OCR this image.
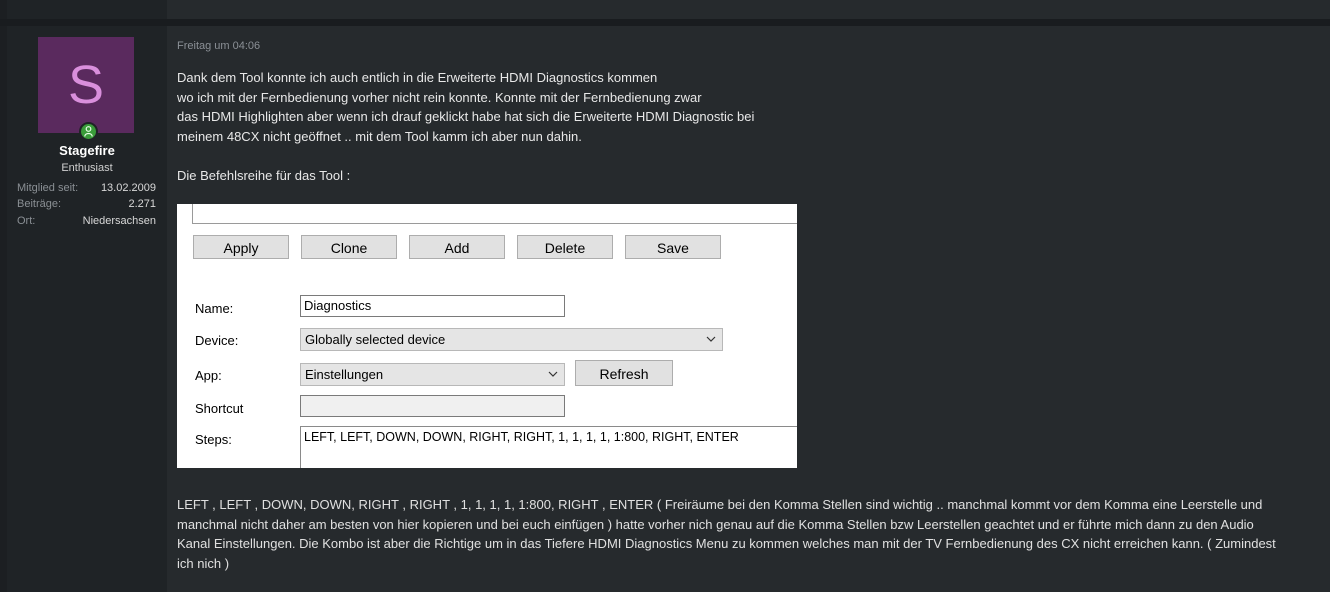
S
Stagefire
Enthusiast
Mitglied seit: 13.02.2009
Beiträge:	2.271
Ort:	Niedersachsen
Freitag um 04:06
Dank dem Tool konnte ich auch entlich in die Erweiterte HDMI Diagnostics kommen
wo ich mit der Fernbedienung vorher nicht rein konnte. Konnte mit der Fernbedienung zwar
das HDMI Highlighten aber wenn ich drauf geklickt habe hat sich die Erweiterte HDMI Diagnostic bei
meinem 48CX nicht geöffnet .. mit dem Tool kamm ich aber nun dahin.
Die Befehlsreihe für das Tool :
Apply	Clone	Add	Delete	Save
Name:	Diagnostics
Device:	Globally selected device
App:	Einstellungen	Refresh
Shortcut
Steps:	LEFT, LEFT, DOWN, DOWN, RIGHT, RIGHT, 1, 1, 1, 1, 1:800, RIGHT, ENTER
LEFT , LEFT , DOWN, DOWN, RIGHT , RIGHT , 1, 1, 1, 1, 1:800, RIGHT , ENTER ( Freiräume bei den Komma Stellen sind wichtig .. manchmal kommt vor dem Komma eine Leerstelle und manchmal nicht daher am besten von hier kopieren und bei euch einfügen ) hatte vorher nich genau auf die Komma Stellen bzw Leerstellen geachtet und er führte mich dann zu den Audio Kanal Einstellungen. Die Kombo ist aber die Richtige um in das Tiefere HDMI Diagnostics Menu zu kommen welches man mit der TV Fernbedienung des CX nicht erreichen kann. ( Zumindest ich nich )
